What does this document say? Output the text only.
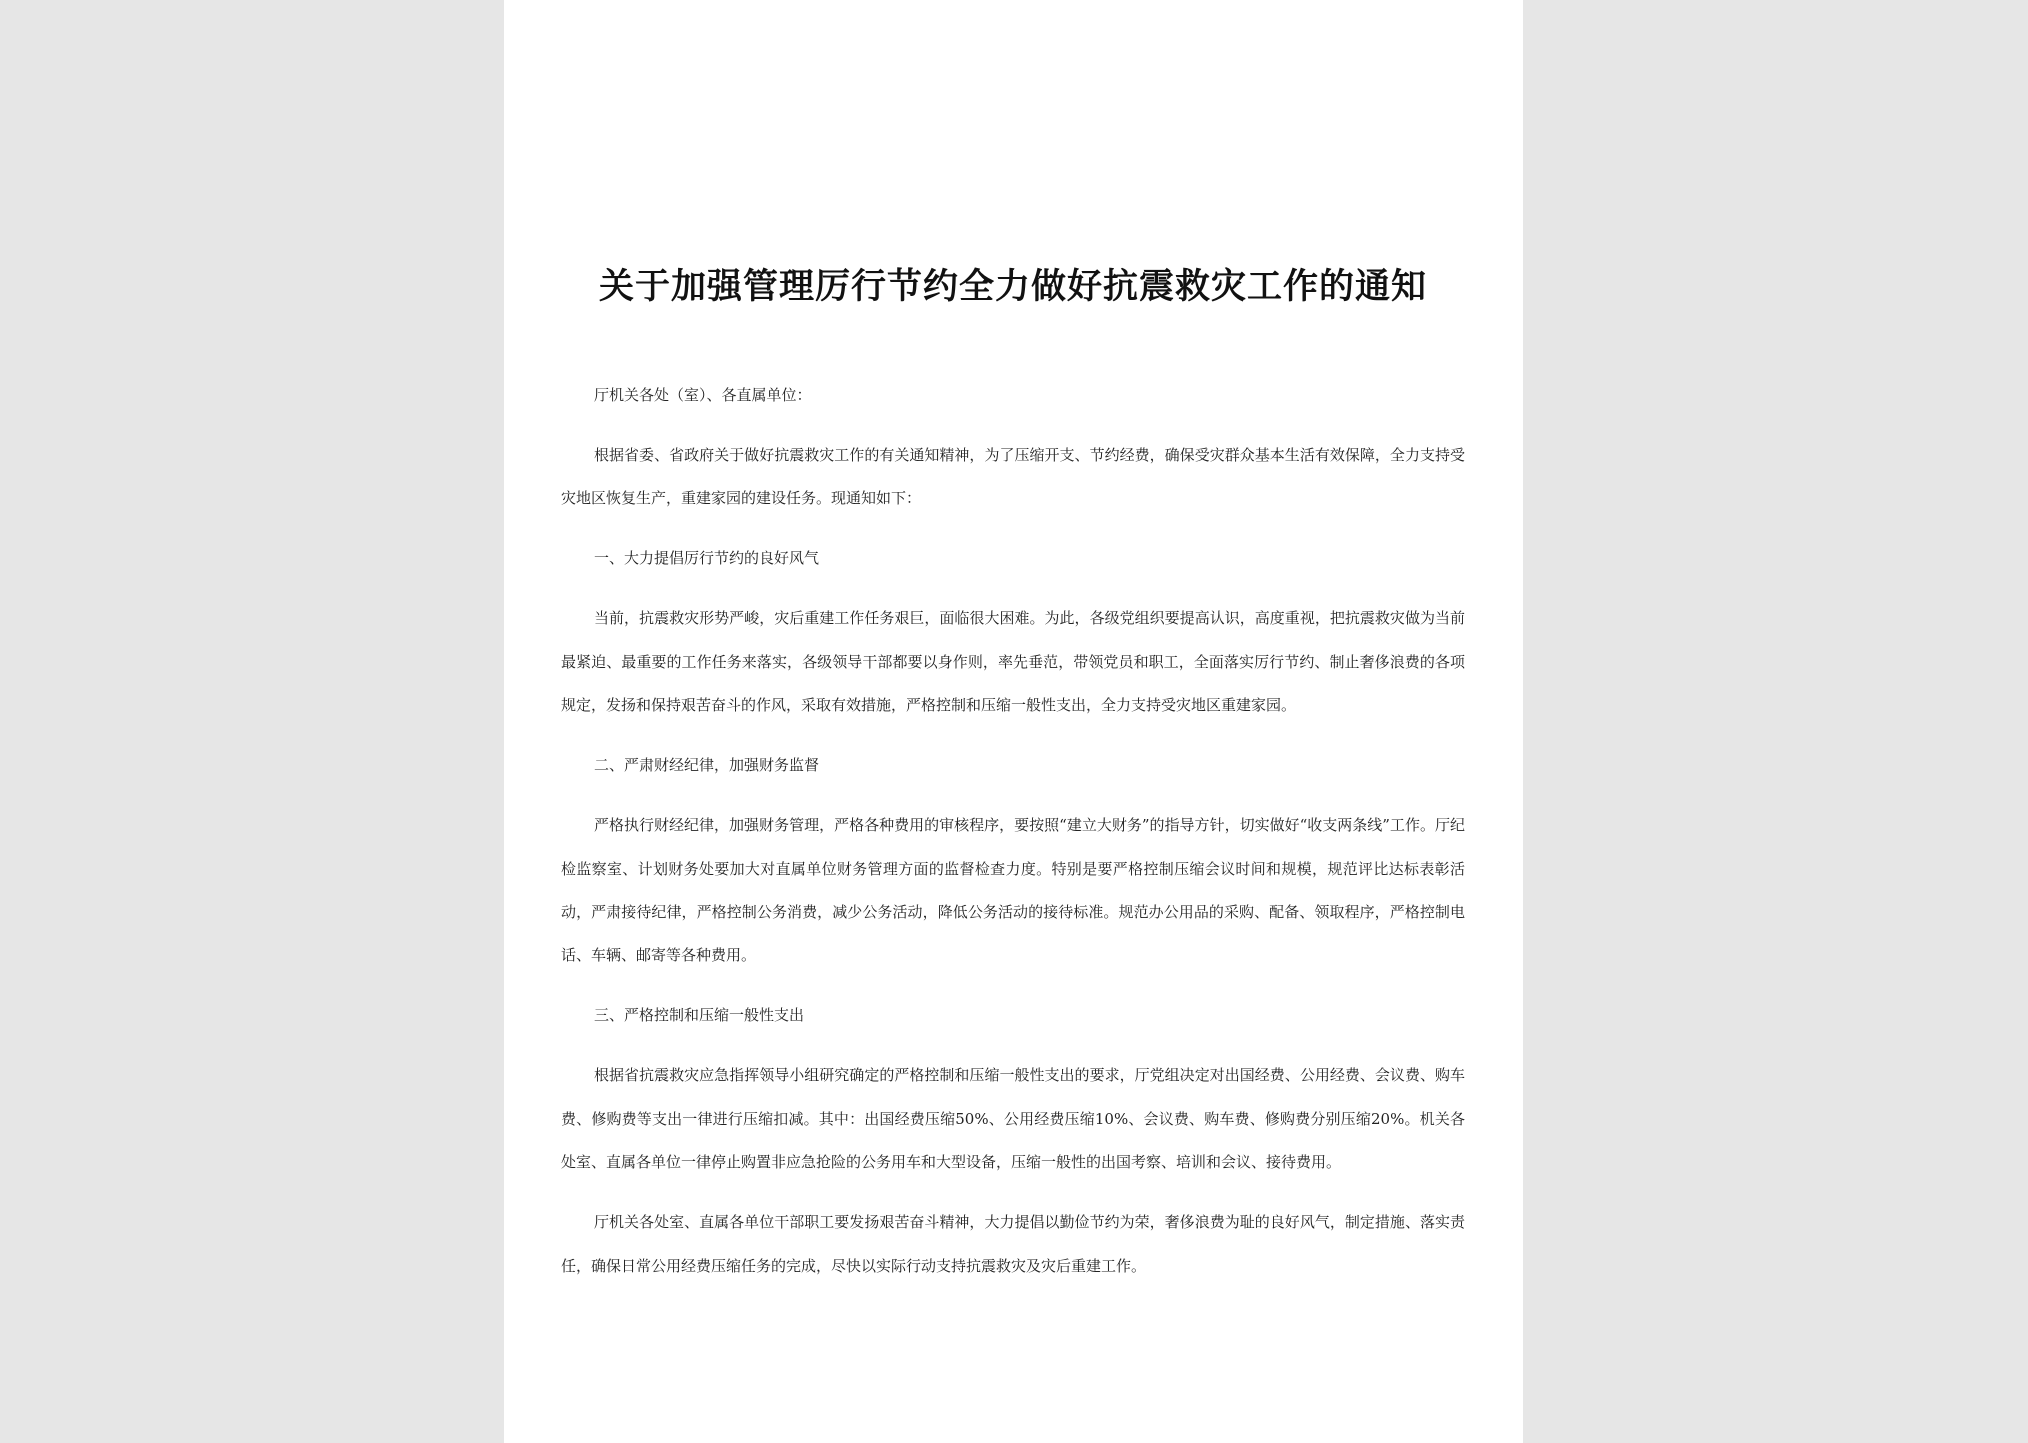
关于加强管理厉行节约全力做好抗震救灾工作的通知

厅机关各处（室）、各直属单位：

根据省委、省政府关于做好抗震救灾工作的有关通知精神，为了压缩开支、节约经费，确保受灾群众基本生活有效保障，全力支持受灾地区恢复生产，重建家园的建设任务。现通知如下：

一、大力提倡厉行节约的良好风气

当前，抗震救灾形势严峻，灾后重建工作任务艰巨，面临很大困难。为此，各级党组织要提高认识，高度重视，把抗震救灾做为当前最紧迫、最重要的工作任务来落实，各级领导干部都要以身作则，率先垂范，带领党员和职工，全面落实厉行节约、制止奢侈浪费的各项规定，发扬和保持艰苦奋斗的作风，采取有效措施，严格控制和压缩一般性支出，全力支持受灾地区重建家园。

二、严肃财经纪律，加强财务监督

严格执行财经纪律，加强财务管理，严格各种费用的审核程序，要按照“建立大财务”的指导方针，切实做好“收支两条线”工作。厅纪检监察室、计划财务处要加大对直属单位财务管理方面的监督检查力度。特别是要严格控制压缩会议时间和规模，规范评比达标表彰活动，严肃接待纪律，严格控制公务消费，减少公务活动，降低公务活动的接待标准。规范办公用品的采购、配备、领取程序，严格控制电话、车辆、邮寄等各种费用。

三、严格控制和压缩一般性支出

根据省抗震救灾应急指挥领导小组研究确定的严格控制和压缩一般性支出的要求，厅党组决定对出国经费、公用经费、会议费、购车费、修购费等支出一律进行压缩扣减。其中：出国经费压缩50%、公用经费压缩10%、会议费、购车费、修购费分别压缩20%。机关各处室、直属各单位一律停止购置非应急抢险的公务用车和大型设备，压缩一般性的出国考察、培训和会议、接待费用。

厅机关各处室、直属各单位干部职工要发扬艰苦奋斗精神，大力提倡以勤俭节约为荣，奢侈浪费为耻的良好风气，制定措施、落实责任，确保日常公用经费压缩任务的完成，尽快以实际行动支持抗震救灾及灾后重建工作。
